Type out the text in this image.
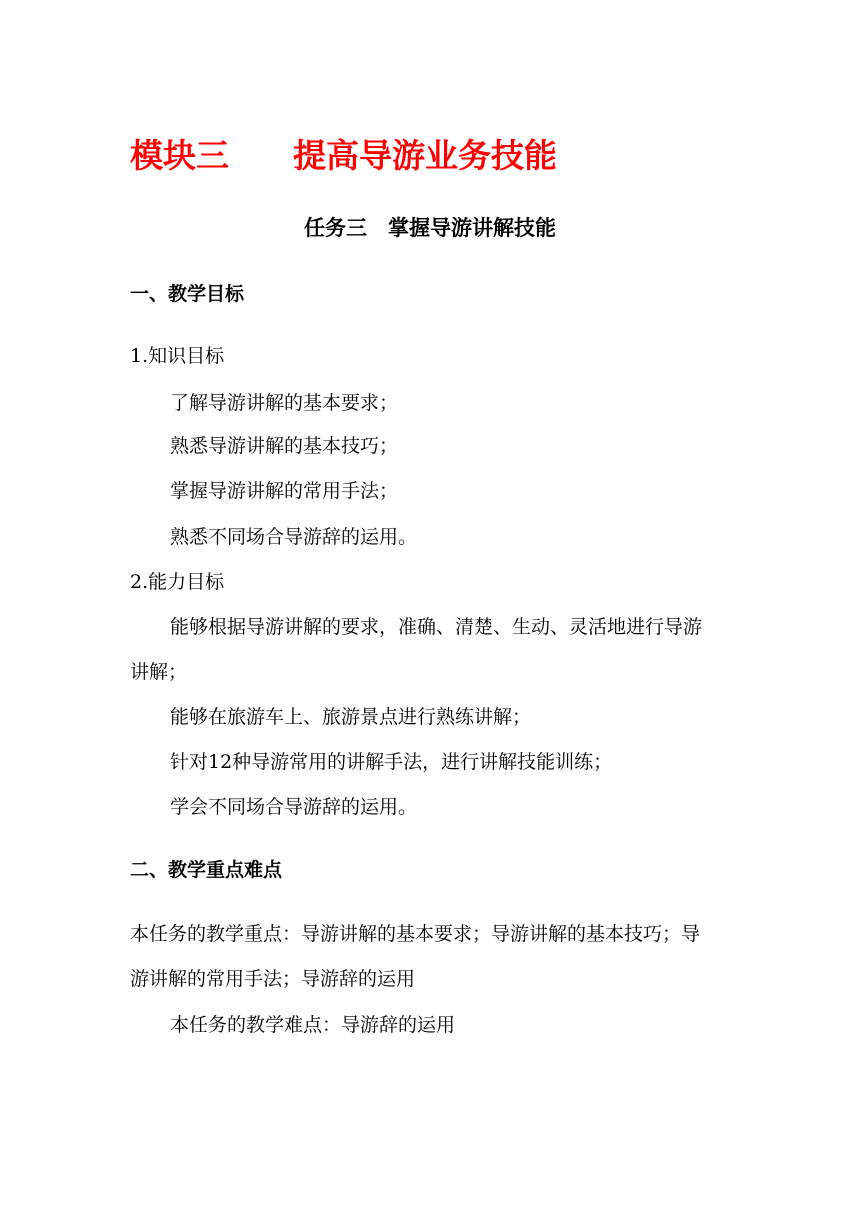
模块三 提高导游业务技能
任务三 掌握导游讲解技能
一、教学目标
1.知识目标
了解导游讲解的基本要求；
熟悉导游讲解的基本技巧；
掌握导游讲解的常用手法；
熟悉不同场合导游辞的运用。
2.能力目标
能够根据导游讲解的要求，准确、清楚、生动、灵活地进行导游
讲解；
能够在旅游车上、旅游景点进行熟练讲解；
针对12种导游常用的讲解手法，进行讲解技能训练；
学会不同场合导游辞的运用。
二、教学重点难点
本任务的教学重点：导游讲解的基本要求；导游讲解的基本技巧；导
游讲解的常用手法；导游辞的运用
本任务的教学难点：导游辞的运用
